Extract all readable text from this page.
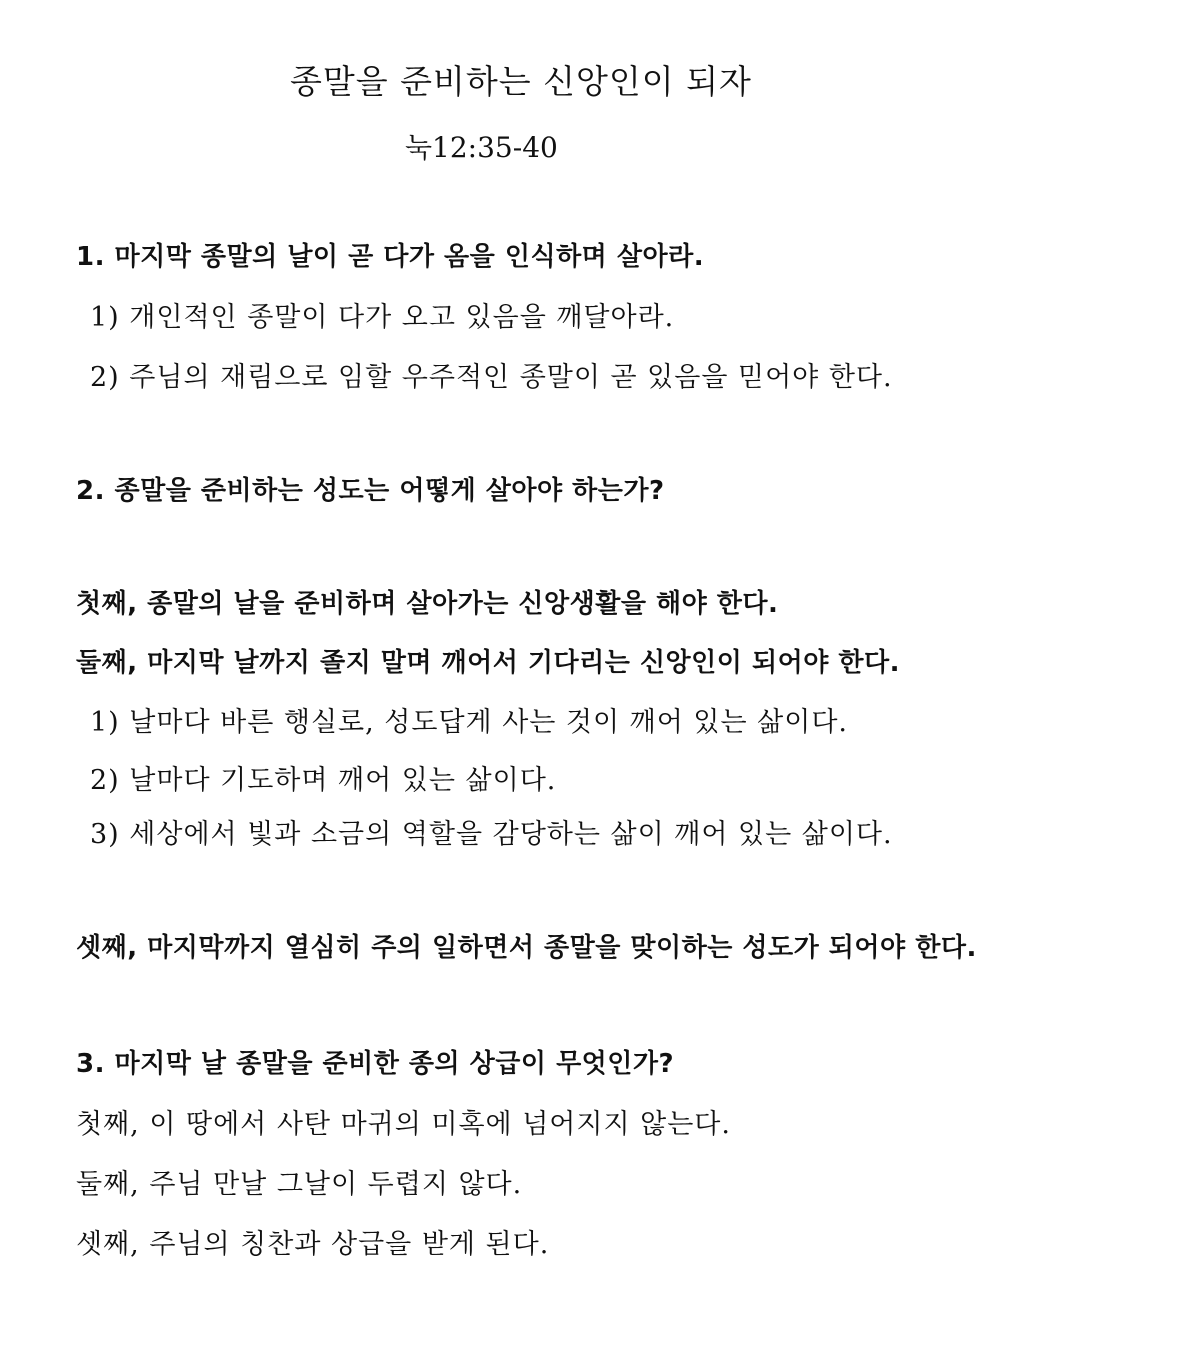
종말을 준비하는 신앙인이 되자
눅12:35-40
1. 마지막 종말의 날이 곧 다가 옴을 인식하며 살아라.
1) 개인적인 종말이 다가 오고 있음을 깨달아라.
2) 주님의 재림으로 임할 우주적인 종말이 곧 있음을 믿어야 한다.
2. 종말을 준비하는 성도는 어떻게 살아야 하는가?
첫째, 종말의 날을 준비하며 살아가는 신앙생활을 해야 한다.
둘째, 마지막 날까지 졸지 말며 깨어서 기다리는 신앙인이 되어야 한다.
1) 날마다 바른 행실로, 성도답게 사는 것이 깨어 있는 삶이다.
2) 날마다 기도하며 깨어 있는 삶이다.
3) 세상에서 빛과 소금의 역할을 감당하는 삶이 깨어 있는 삶이다.
셋째, 마지막까지 열심히 주의 일하면서 종말을 맞이하는 성도가 되어야 한다.
3. 마지막 날 종말을 준비한 종의 상급이 무엇인가?
첫째, 이 땅에서 사탄 마귀의 미혹에 넘어지지 않는다.
둘째, 주님 만날 그날이 두렵지 않다.
셋째, 주님의 칭찬과 상급을 받게 된다.
